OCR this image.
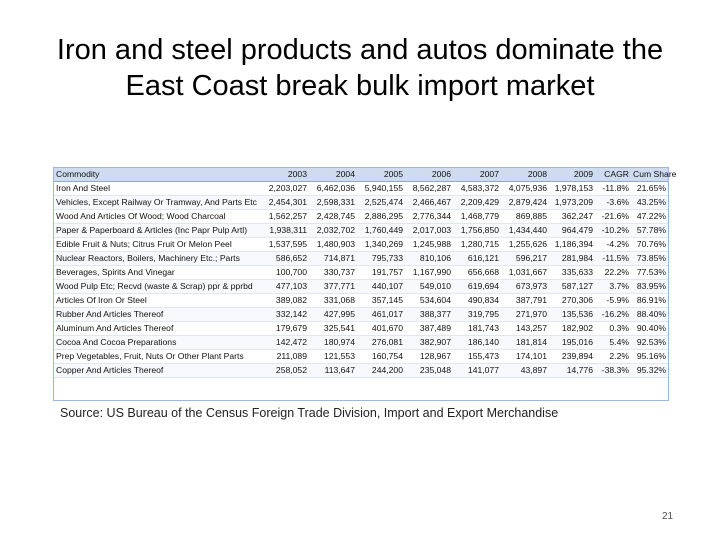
Iron and steel products and autos dominate the
East Coast break bulk import market
Commodity	2003	2004	2005	2006	2007	2008	2009	CAGR	Cum Share
Iron And Steel	2,203,027	6,462,036	5,940,155	8,562,287	4,583,372	4,075,936	1,978,153	-11.8%	21.65%
Vehicles, Except Railway Or Tramway, And Parts Etc	2,454,301	2,598,331	2,525,474	2,466,467	2,209,429	2,879,424	1,973,209	-3.6%	43.25%
Wood And Articles Of Wood; Wood Charcoal	1,562,257	2,428,745	2,886,295	2,776,344	1,468,779	869,885	362,247	-21.6%	47.22%
Paper & Paperboard & Articles (Inc Papr Pulp Artl)	1,938,311	2,032,702	1,760,449	2,017,003	1,756,850	1,434,440	964,479	-10.2%	57.78%
Edible Fruit & Nuts; Citrus Fruit Or Melon Peel	1,537,595	1,480,903	1,340,269	1,245,988	1,280,715	1,255,626	1,186,394	-4.2%	70.76%
Nuclear Reactors, Boilers, Machinery Etc.; Parts	586,652	714,871	795,733	810,106	616,121	596,217	281,984	-11.5%	73.85%
Beverages, Spirits And Vinegar	100,700	330,737	191,757	1,167,990	656,668	1,031,667	335,633	22.2%	77.53%
Wood Pulp Etc; Recvd (waste & Scrap) ppr & pprbd	477,103	377,771	440,107	549,010	619,694	673,973	587,127	3.7%	83.95%
Articles Of Iron Or Steel	389,082	331,068	357,145	534,604	490,834	387,791	270,306	-5.9%	86.91%
Rubber And Articles Thereof	332,142	427,995	461,017	388,377	319,795	271,970	135,536	-16.2%	88.40%
Aluminum And Articles Thereof	179,679	325,541	401,670	387,489	181,743	143,257	182,902	0.3%	90.40%
Cocoa And Cocoa Preparations	142,472	180,974	276,081	382,907	186,140	181,814	195,016	5.4%	92.53%
Prep Vegetables, Fruit, Nuts Or Other Plant Parts	211,089	121,553	160,754	128,967	155,473	174,101	239,894	2.2%	95.16%
Copper And Articles Thereof	258,052	113,647	244,200	235,048	141,077	43,897	14,776	-38.3%	95.32%
Source: US Bureau of the Census Foreign Trade Division, Import and Export Merchandise
21
